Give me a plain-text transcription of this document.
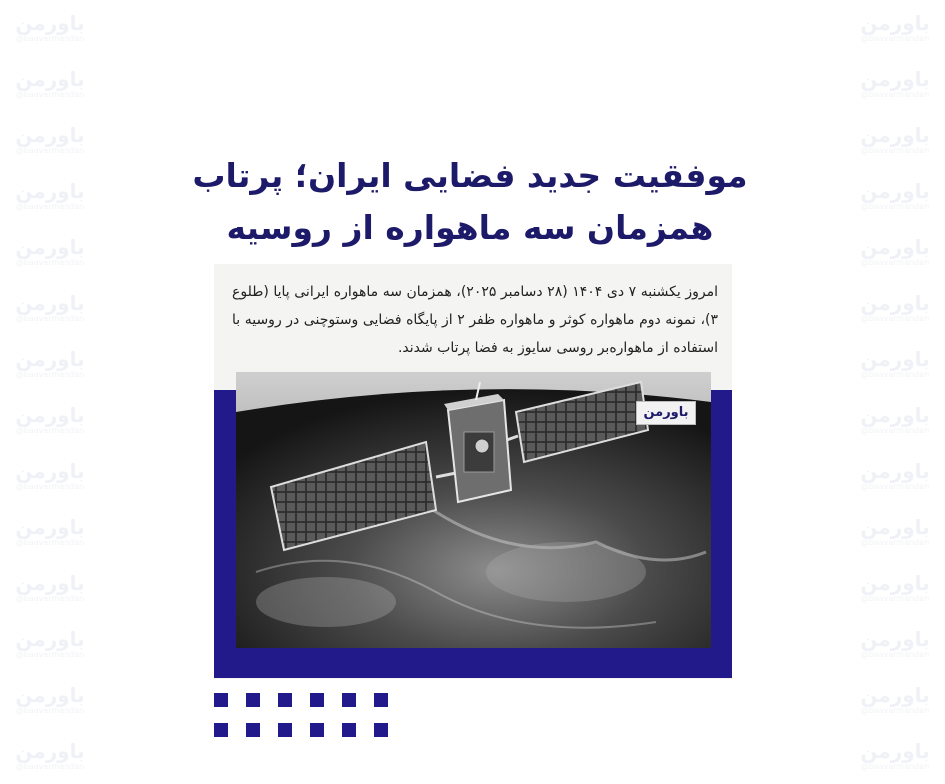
باورمن
@baavarmandan
باورمن
@baavarmandan
باورمن
@baavarmandan
باورمن
@baavarmandan
باورمن
@baavarmandan
باورمن
@baavarmandan
باورمن
@baavarmandan
باورمن
@baavarmandan
باورمن
@baavarmandan
باورمن
@baavarmandan
باورمن
@baavarmandan
باورمن
@baavarmandan
باورمن
@baavarmandan
باورمن
@baavarmandan
باورمن
@baavarmandan
باورمن
@baavarmandan
باورمن
@baavarmandan
باورمن
@baavarmandan
باورمن
@baavarmandan
باورمن
@baavarmandan
باورمن
@baavarmandan
باورمن
@baavarmandan
باورمن
@baavarmandan
باورمن
@baavarmandan
باورمن
@baavarmandan
باورمن
@baavarmandan
باورمن
@baavarmandan
باورمن
@baavarmandan
موفقیت جدید فضایی ایران؛ پرتاب
همزمان سه ماهواره از روسیه
امروز یکشنبه ۷ دی ۱۴۰۴ (۲۸ دسامبر ۲۰۲۵)، همزمان سه ماهواره ایرانی پایا (طلوع ۳)، نمونه دوم ماهواره کوثر و ماهواره ظفر ۲ از پایگاه فضایی وستوچنی در روسیه با استفاده از ماهواره‌بر روسی سایوز به فضا پرتاب شدند.
باورمن
